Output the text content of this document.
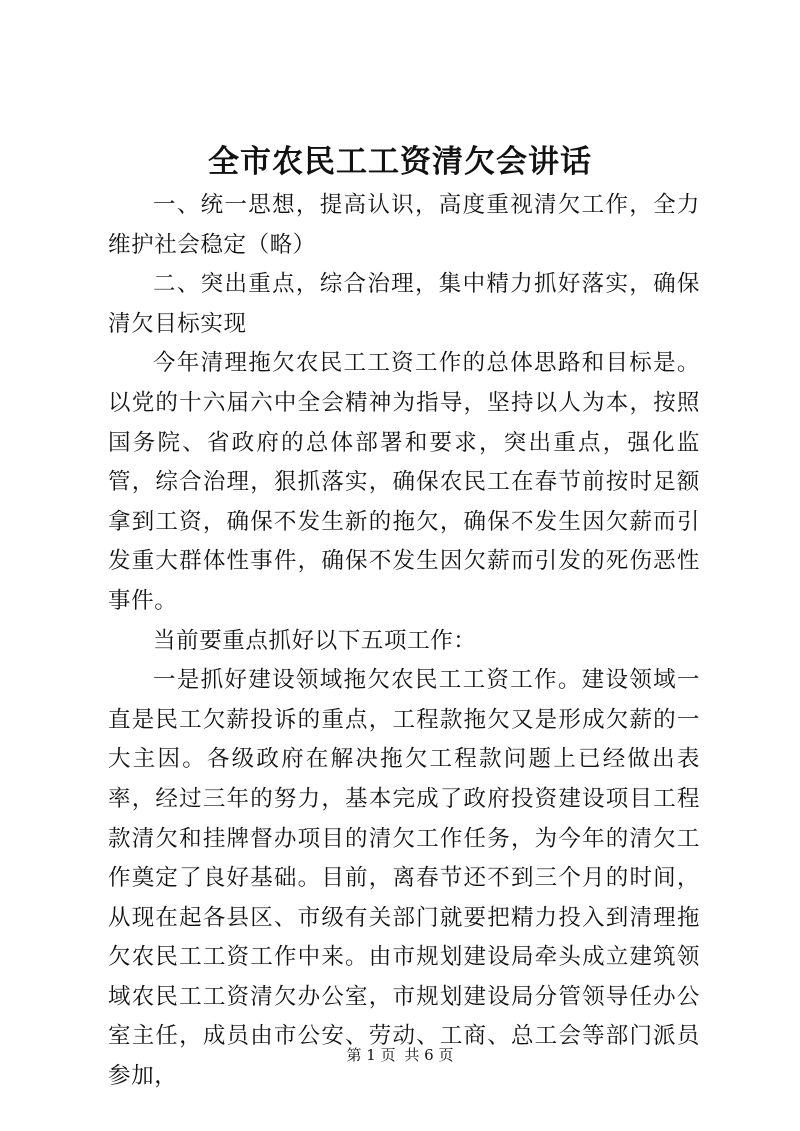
全市农民工工资清欠会讲话

一、统一思想，提高认识，高度重视清欠工作，全力维护社会稳定（略）

二、突出重点，综合治理，集中精力抓好落实，确保清欠目标实现

今年清理拖欠农民工工资工作的总体思路和目标是。以党的十六届六中全会精神为指导，坚持以人为本，按照国务院、省政府的总体部署和要求，突出重点，强化监管，综合治理，狠抓落实，确保农民工在春节前按时足额拿到工资，确保不发生新的拖欠，确保不发生因欠薪而引发重大群体性事件，确保不发生因欠薪而引发的死伤恶性事件。

当前要重点抓好以下五项工作：

一是抓好建设领域拖欠农民工工资工作。建设领域一直是民工欠薪投诉的重点，工程款拖欠又是形成欠薪的一大主因。各级政府在解决拖欠工程款问题上已经做出表率，经过三年的努力，基本完成了政府投资建设项目工程款清欠和挂牌督办项目的清欠工作任务，为今年的清欠工作奠定了良好基础。目前，离春节还不到三个月的时间，从现在起各县区、市级有关部门就要把精力投入到清理拖欠农民工工资工作中来。由市规划建设局牵头成立建筑领域农民工工资清欠办公室，市规划建设局分管领导任办公室主任，成员由市公安、劳动、工商、总工会等部门派员参加，

第 1 页 共 6 页
